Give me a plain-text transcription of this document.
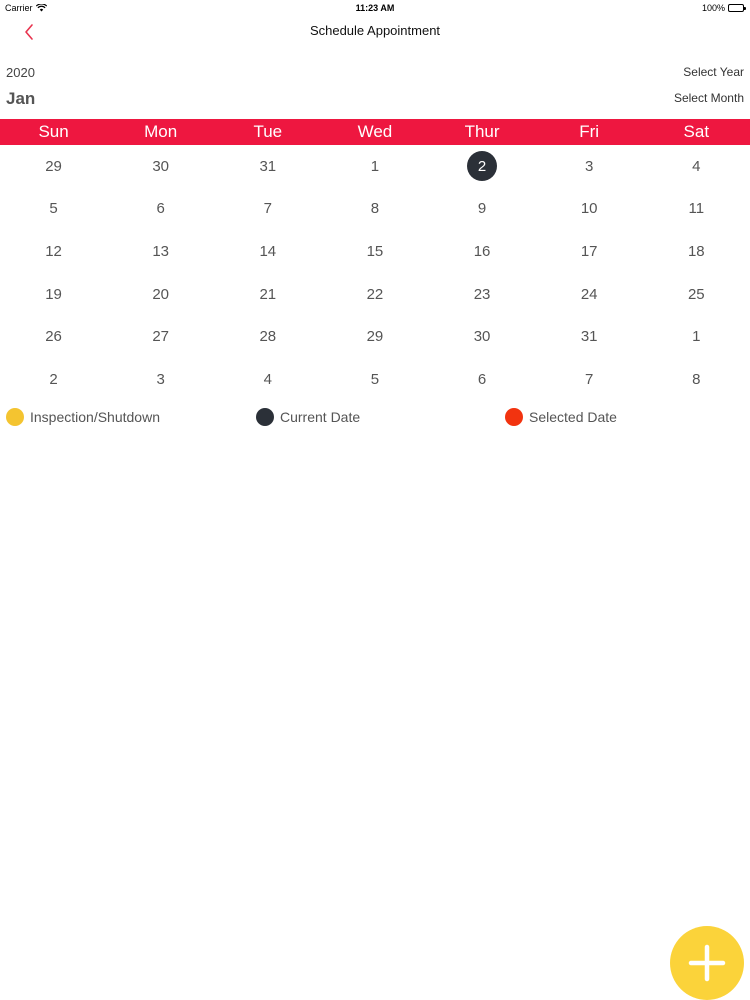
Carrier	11:23 AM	100%
Schedule Appointment
2020	Select Year
Jan	Select Month
Sun	Mon	Tue	Wed	Thur	Fri	Sat
29	30	31	1	2	3	4
5	6	7	8	9	10	11
12	13	14	15	16	17	18
19	20	21	22	23	24	25
26	27	28	29	30	31	1
2	3	4	5	6	7	8
Inspection/Shutdown	Current Date	Selected Date
